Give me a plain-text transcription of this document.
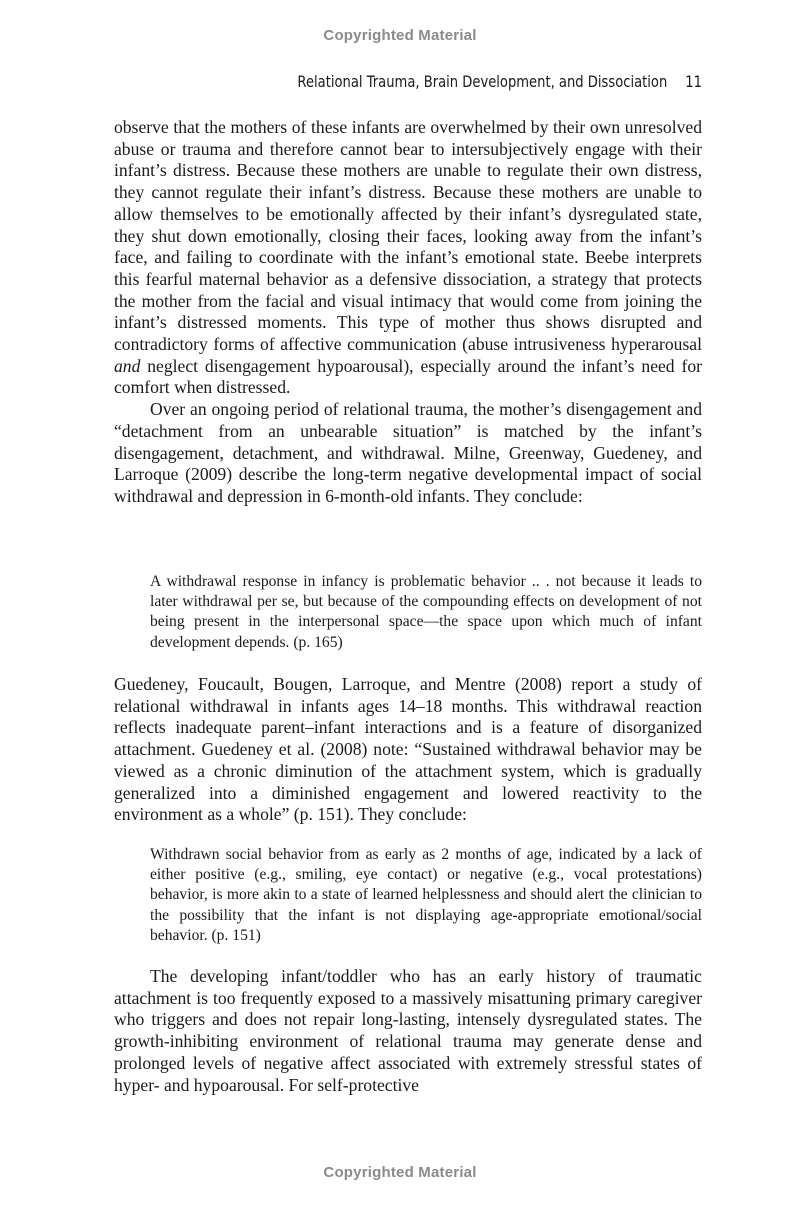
Copyrighted Material
Relational Trauma, Brain Development, and Dissociation 11

observe that the mothers of these infants are overwhelmed by their own unresolved abuse or trauma and therefore cannot bear to intersubjectively engage with their infant’s distress. Because these mothers are unable to regulate their own distress, they cannot regulate their infant’s distress. Because these mothers are unable to allow themselves to be emotionally affected by their infant’s dysregulated state, they shut down emotionally, closing their faces, looking away from the infant’s face, and failing to coordinate with the infant’s emotional state. Beebe interprets this fearful maternal behavior as a defensive dissociation, a strategy that protects the mother from the facial and visual intimacy that would come from joining the infant’s distressed moments. This type of mother thus shows disrupted and contradictory forms of affective communication (abuse intrusiveness hyperarousal and neglect disengagement hypoarousal), especially around the infant’s need for comfort when distressed.

Over an ongoing period of relational trauma, the mother’s disengagement and “detachment from an unbearable situation” is matched by the infant’s disengagement, detachment, and withdrawal. Milne, Greenway, Guedeney, and Larroque (2009) describe the long-term negative developmental impact of social withdrawal and depression in 6-month-old infants. They conclude:

A withdrawal response in infancy is problematic behavior .. . not because it leads to later withdrawal per se, but because of the compounding effects on development of not being present in the interpersonal space—the space upon which much of infant development depends. (p. 165)

Guedeney, Foucault, Bougen, Larroque, and Mentre (2008) report a study of relational withdrawal in infants ages 14–18 months. This withdrawal reaction reflects inadequate parent–infant interactions and is a feature of disorganized attachment. Guedeney et al. (2008) note: “Sustained withdrawal behavior may be viewed as a chronic diminution of the attachment system, which is gradually generalized into a diminished engagement and lowered reactivity to the environment as a whole” (p. 151). They conclude:

Withdrawn social behavior from as early as 2 months of age, indicated by a lack of either positive (e.g., smiling, eye contact) or negative (e.g., vocal protestations) behavior, is more akin to a state of learned helplessness and should alert the clinician to the possibility that the infant is not displaying age-appropriate emotional/social behavior. (p. 151)

The developing infant/toddler who has an early history of traumatic attachment is too frequently exposed to a massively misattuning primary caregiver who triggers and does not repair long-lasting, intensely dysregulated states. The growth-inhibiting environment of relational trauma may generate dense and prolonged levels of negative affect associated with extremely stressful states of hyper- and hypoarousal. For self-protective

Copyrighted Material
